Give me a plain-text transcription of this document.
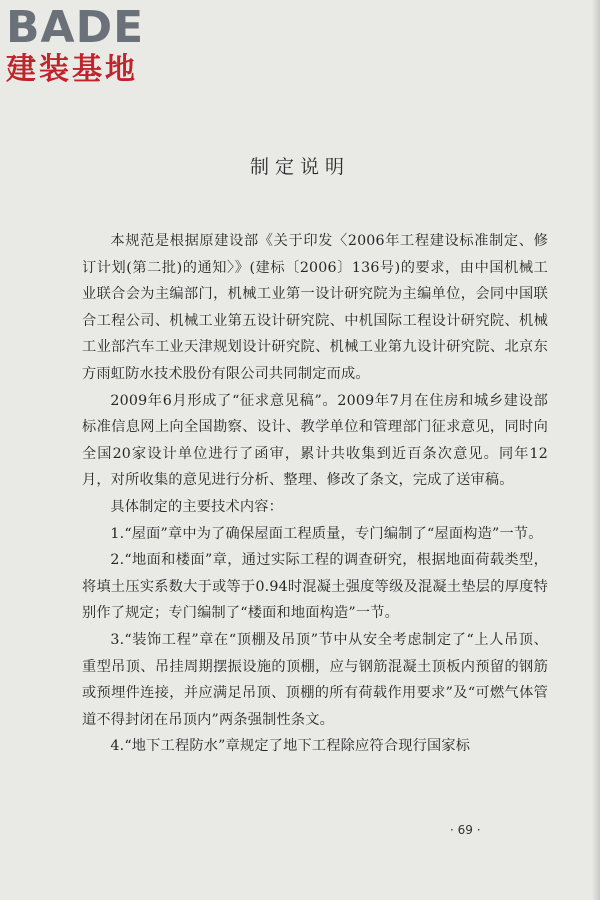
BADE
建装基地
制定说明

本规范是根据原建设部《关于印发〈2006年工程建设标准制定、修订计划(第二批)的通知〉》(建标〔2006〕136号)的要求，由中国机械工业联合会为主编部门，机械工业第一设计研究院为主编单位，会同中国联合工程公司、机械工业第五设计研究院、中机国际工程设计研究院、机械工业部汽车工业天津规划设计研究院、机械工业第九设计研究院、北京东方雨虹防水技术股份有限公司共同制定而成。

2009年6月形成了“征求意见稿”。2009年7月在住房和城乡建设部标准信息网上向全国勘察、设计、教学单位和管理部门征求意见，同时向全国20家设计单位进行了函审，累计共收集到近百条次意见。同年12月，对所收集的意见进行分析、整理、修改了条文，完成了送审稿。

具体制定的主要技术内容：

1.“屋面”章中为了确保屋面工程质量，专门编制了“屋面构造”一节。

2.“地面和楼面”章，通过实际工程的调查研究，根据地面荷载类型，将填土压实系数大于或等于0.94时混凝土强度等级及混凝土垫层的厚度特别作了规定；专门编制了“楼面和地面构造”一节。

3.“装饰工程”章在“顶棚及吊顶”节中从安全考虑制定了“上人吊顶、重型吊顶、吊挂周期摆振设施的顶棚，应与钢筋混凝土顶板内预留的钢筋或预埋件连接，并应满足吊顶、顶棚的所有荷载作用要求”及“可燃气体管道不得封闭在吊顶内”两条强制性条文。

4.“地下工程防水”章规定了地下工程除应符合现行国家标

· 69 ·
